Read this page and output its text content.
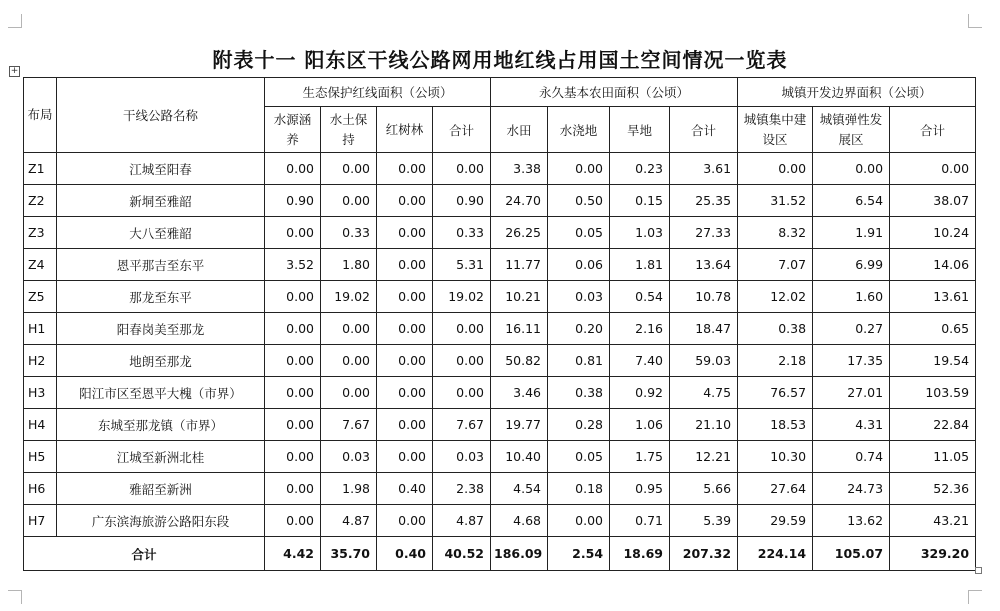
附表十一 阳东区干线公路网用地红线占用国土空间情况一览表
+
布局	干线公路名称	生态保护红线面积（公顷）				永久基本农田面积（公顷）				城镇开发边界面积（公顷）		
		水源涵养	水土保持	红树林	合计	水田	水浇地	旱地	合计	城镇集中建设区	城镇弹性发展区	合计
Z1	江城至阳春	0.00	0.00	0.00	0.00	3.38	0.00	0.23	3.61	0.00	0.00	0.00
Z2	新垌至雅韶	0.90	0.00	0.00	0.90	24.70	0.50	0.15	25.35	31.52	6.54	38.07
Z3	大八至雅韶	0.00	0.33	0.00	0.33	26.25	0.05	1.03	27.33	8.32	1.91	10.24
Z4	恩平那吉至东平	3.52	1.80	0.00	5.31	11.77	0.06	1.81	13.64	7.07	6.99	14.06
Z5	那龙至东平	0.00	19.02	0.00	19.02	10.21	0.03	0.54	10.78	12.02	1.60	13.61
H1	阳春岗美至那龙	0.00	0.00	0.00	0.00	16.11	0.20	2.16	18.47	0.38	0.27	0.65
H2	地朗至那龙	0.00	0.00	0.00	0.00	50.82	0.81	7.40	59.03	2.18	17.35	19.54
H3	阳江市区至恩平大槐（市界）	0.00	0.00	0.00	0.00	3.46	0.38	0.92	4.75	76.57	27.01	103.59
H4	东城至那龙镇（市界）	0.00	7.67	0.00	7.67	19.77	0.28	1.06	21.10	18.53	4.31	22.84
H5	江城至新洲北桂	0.00	0.03	0.00	0.03	10.40	0.05	1.75	12.21	10.30	0.74	11.05
H6	雅韶至新洲	0.00	1.98	0.40	2.38	4.54	0.18	0.95	5.66	27.64	24.73	52.36
H7	广东滨海旅游公路阳东段	0.00	4.87	0.00	4.87	4.68	0.00	0.71	5.39	29.59	13.62	43.21
合计		4.42	35.70	0.40	40.52	186.09	2.54	18.69	207.32	224.14	105.07	329.20
